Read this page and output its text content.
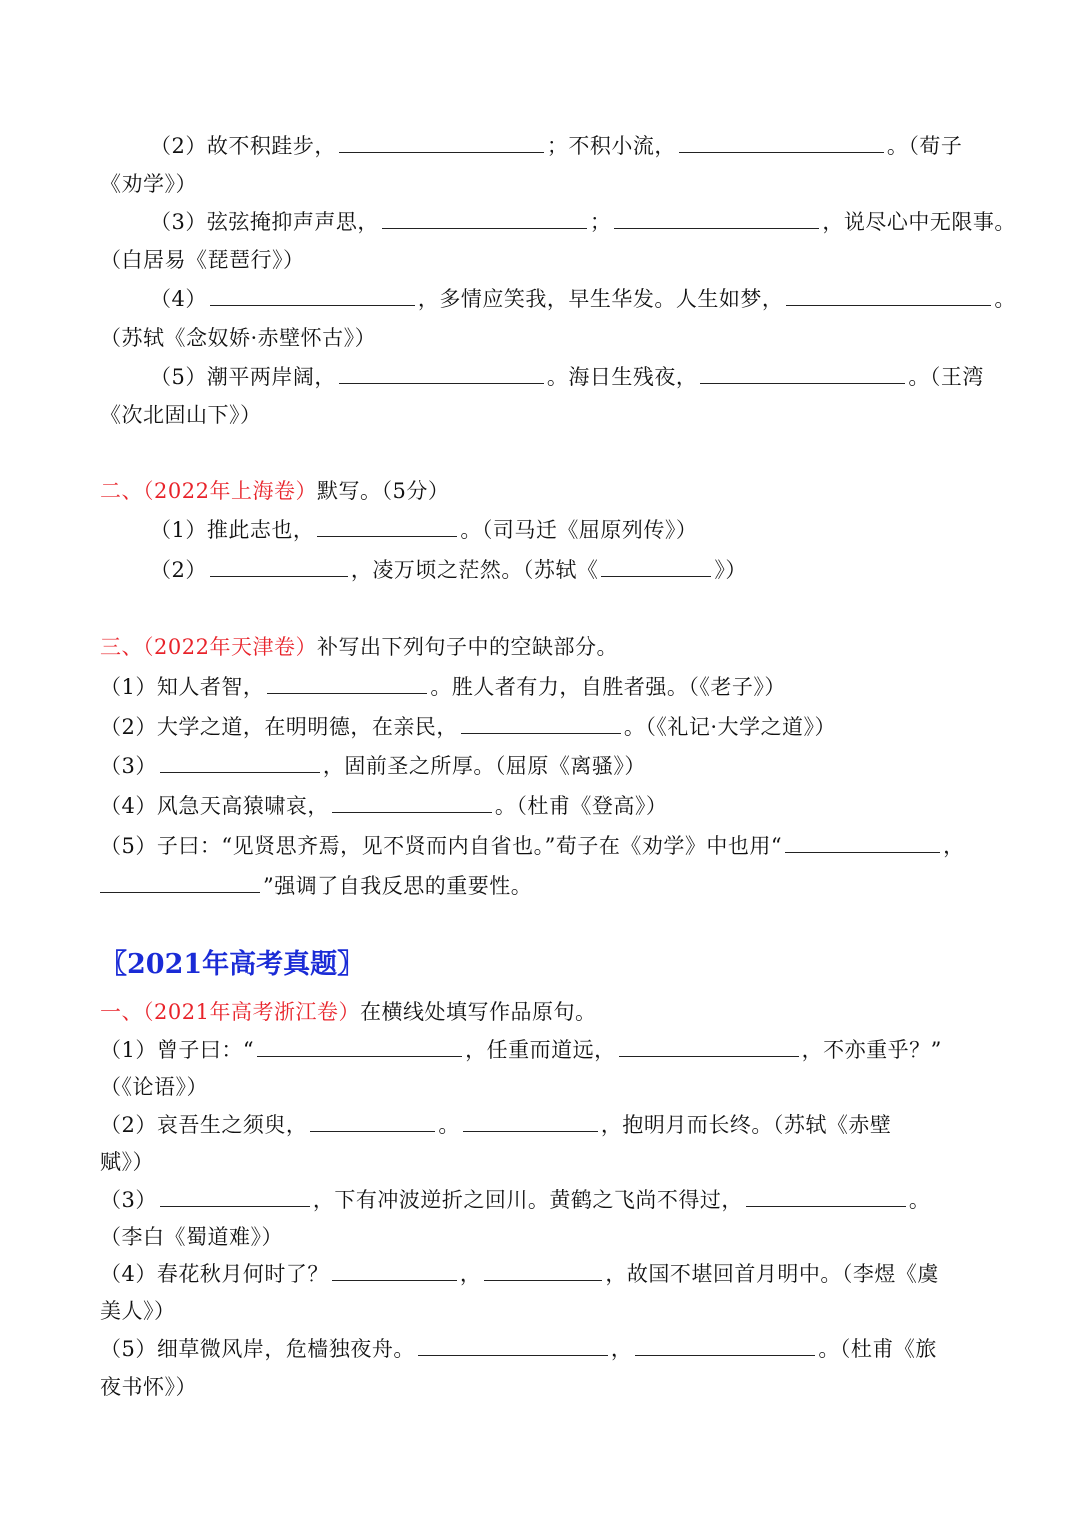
（2）故不积跬步，	；不积小流，	。（荀子
《劝学》）
（3）弦弦掩抑声声思，	；	，说尽心中无限事。
（白居易《琵琶行》）
（4）	，多情应笑我，早生华发。人生如梦，	。
（苏轼《念奴娇·赤壁怀古》）
（5）潮平两岸阔，	。海日生残夜，	。（王湾
《次北固山下》）
二、（2022年上海卷）默写。（5分）
（1）推此志也，	。（司马迁《屈原列传》）
（2）	，凌万顷之茫然。（苏轼《	》）
三、（2022年天津卷）补写出下列句子中的空缺部分。
（1）知人者智，	。胜人者有力，自胜者强。（《老子》）
（2）大学之道，在明明德，在亲民，	。（《礼记·大学之道》）
（3）	，固前圣之所厚。（屈原《离骚》）
（4）风急天高猿啸哀，	。（杜甫《登高》）
（5）子曰：“见贤思齐焉，见不贤而内自省也。”荀子在《劝学》中也用“	，
”强调了自我反思的重要性。
〖2021年高考真题〗
一、（2021年高考浙江卷）在横线处填写作品原句。
（1）曾子曰：“	，任重而道远，	，不亦重乎？”
（《论语》）
（2）哀吾生之须臾，	。	，抱明月而长终。（苏轼《赤壁
赋》）
（3）	，下有冲波逆折之回川。黄鹤之飞尚不得过，	。
（李白《蜀道难》）
（4）春花秋月何时了？	，	，故国不堪回首月明中。（李煜《虞
美人》）
（5）细草微风岸，危樯独夜舟。	，	。（杜甫《旅
夜书怀》）
